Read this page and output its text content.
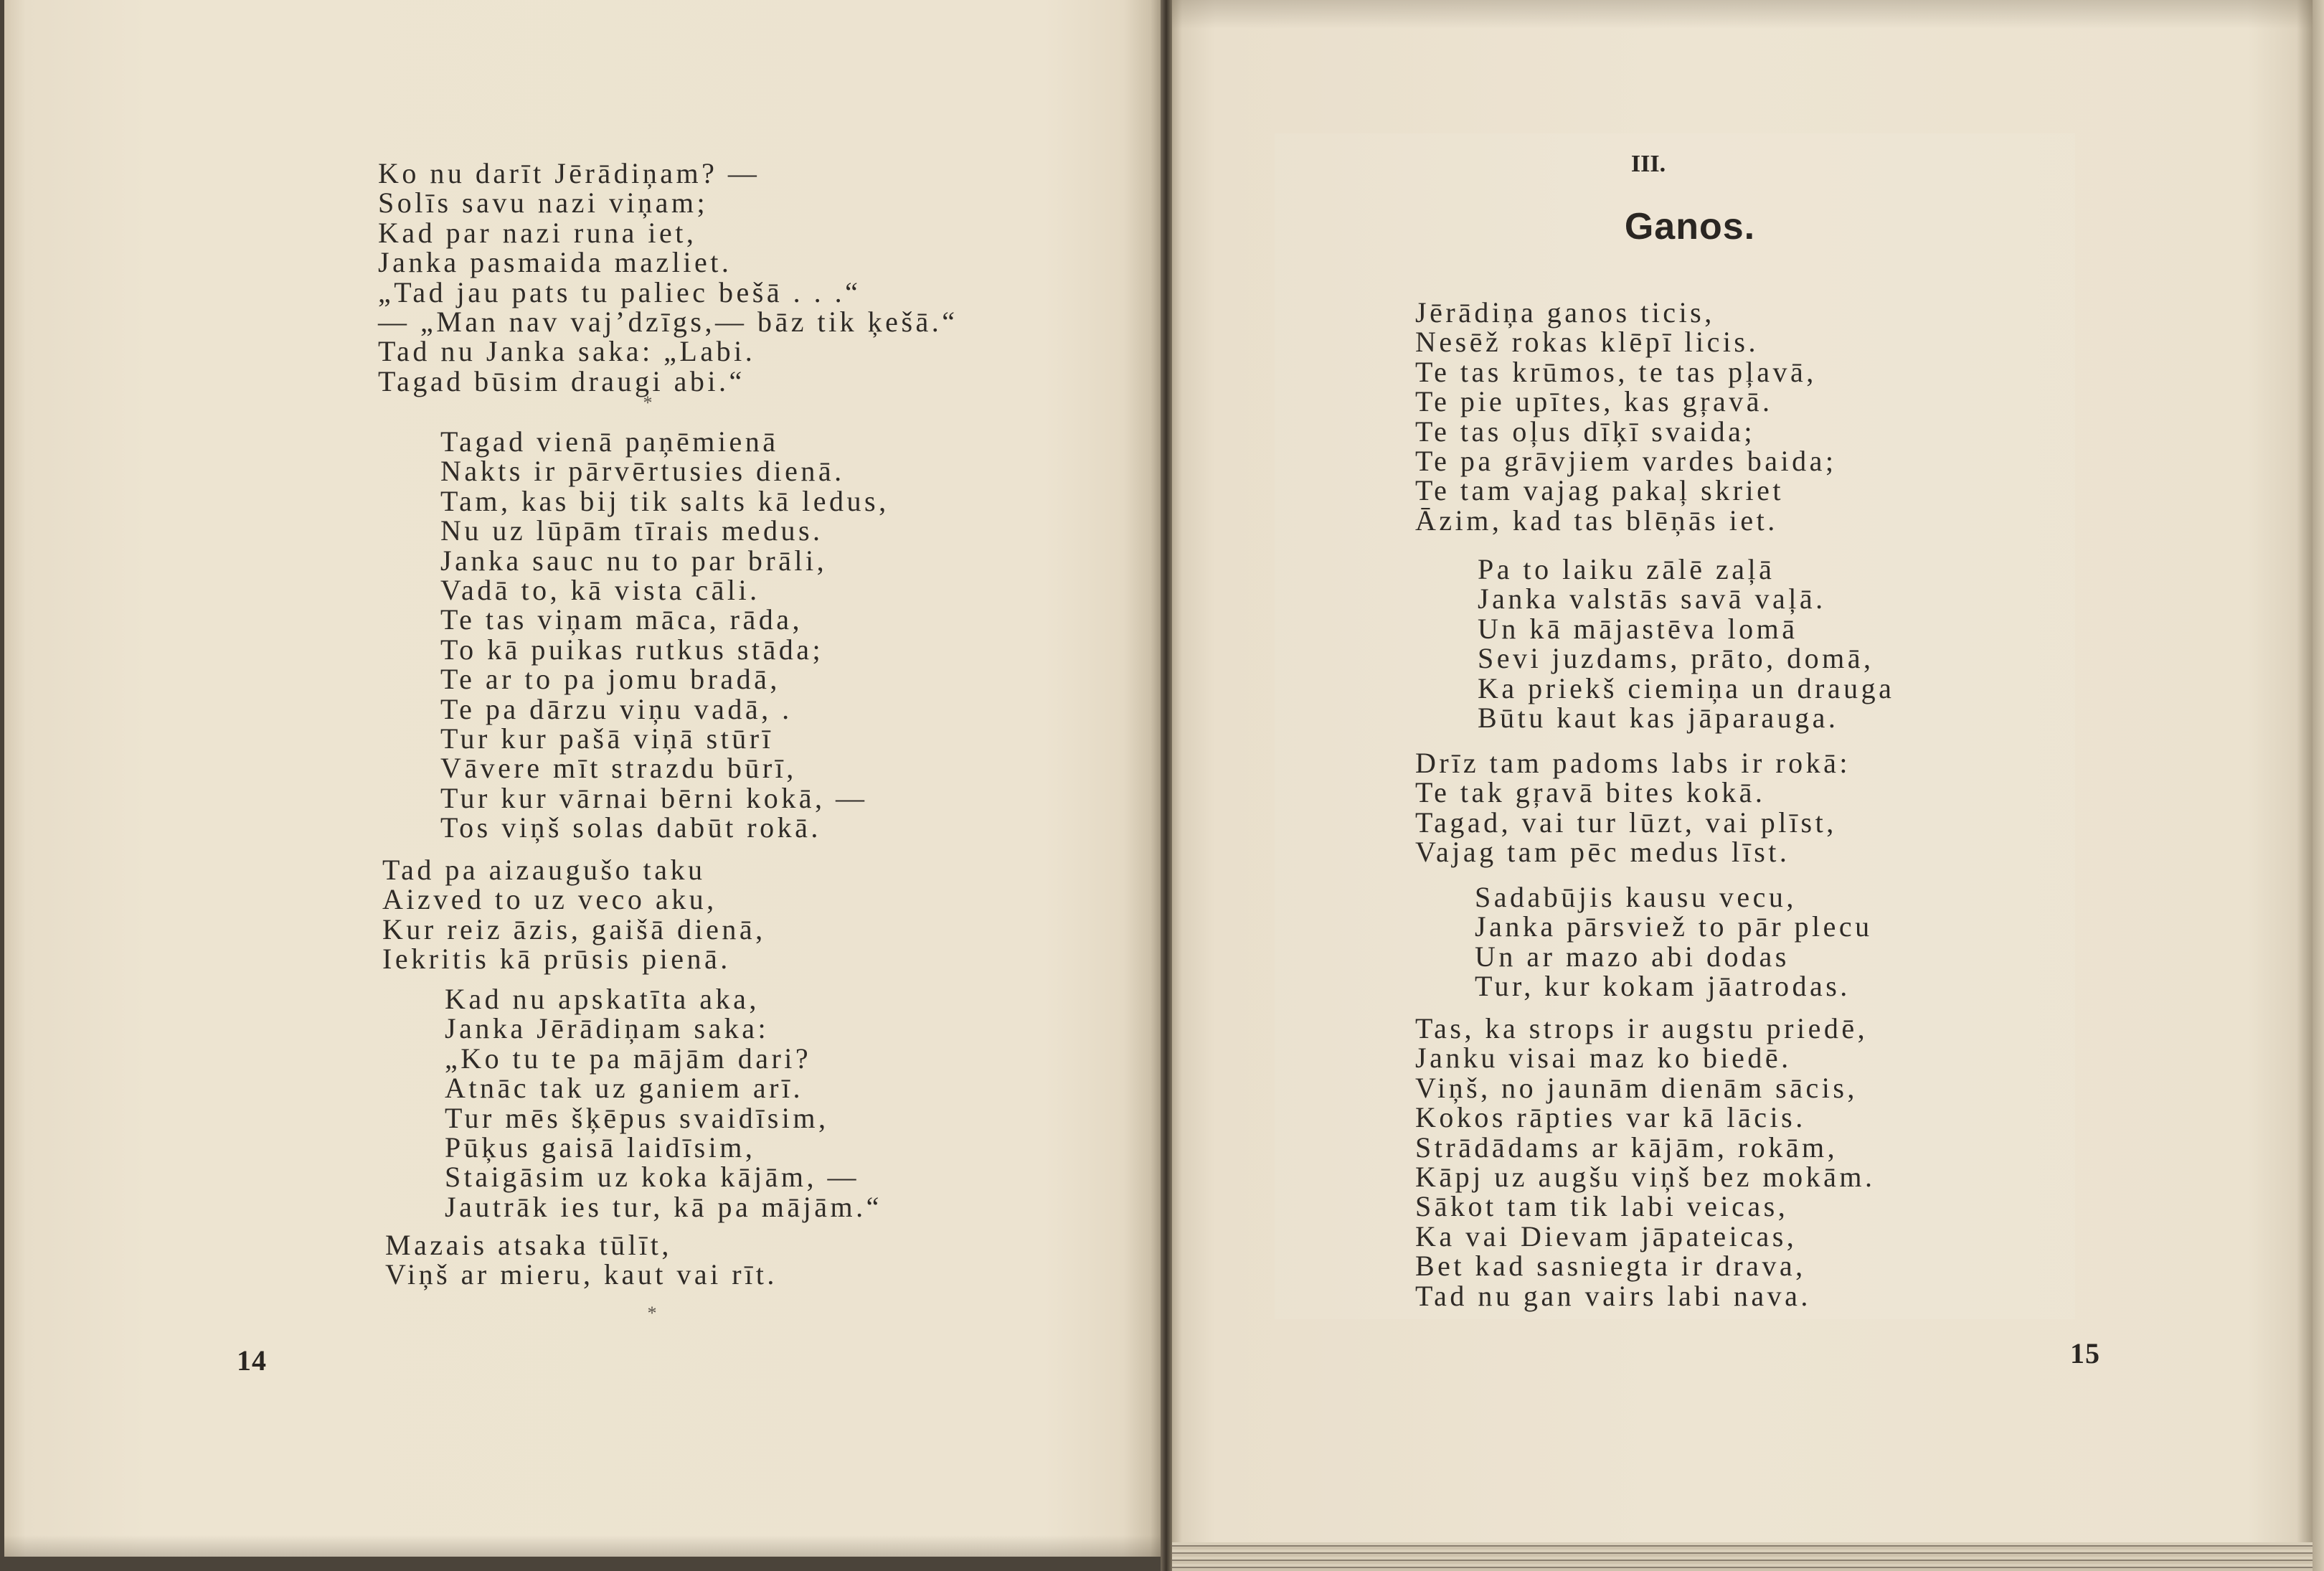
Ko nu darīt Jērādiņam? —
Solīs savu nazi viņam;
Kad par nazi runa iet,
Janka pasmaida mazliet.
„Tad jau pats tu paliec bešā . . .“
— „Man nav vaj’dzīgs,— bāz tik ķešā.“
Tad nu Janka saka: „Labi.
Tagad būsim draugi abi.“
*
Tagad vienā paņēmienā
Nakts ir pārvērtusies dienā.
Tam, kas bij tik salts kā ledus,
Nu uz lūpām tīrais medus.
Janka sauc nu to par brāli,
Vadā to, kā vista cāli.
Te tas viņam māca, rāda,
To kā puikas rutkus stāda;
Te ar to pa jomu bradā,
Te pa dārzu viņu vadā, .
Tur kur pašā viņā stūrī
Vāvere mīt strazdu būrī,
Tur kur vārnai bērni kokā, —
Tos viņš solas dabūt rokā.
Tad pa aizaugušo taku
Aizved to uz veco aku,
Kur reiz āzis, gaišā dienā,
Iekritis kā prūsis pienā.
Kad nu apskatīta aka,
Janka Jērādiņam saka:
„Ko tu te pa mājām dari?
Atnāc tak uz ganiem arī.
Tur mēs šķēpus svaidīsim,
Pūķus gaisā laidīsim,
Staigāsim uz koka kājām, —
Jautrāk ies tur, kā pa mājām.“
Mazais atsaka tūlīt,
Viņš ar mieru, kaut vai rīt.
*
14
III.
Ganos.
Jērādiņa ganos ticis,
Nesēž rokas klēpī licis.
Te tas krūmos, te tas pļavā,
Te pie upītes, kas gŗavā.
Te tas oļus dīķī svaida;
Te pa grāvjiem vardes baida;
Te tam vajag pakaļ skriet
Āzim, kad tas blēņās iet.
Pa to laiku zālē zaļā
Janka valstās savā vaļā.
Un kā mājastēva lomā
Sevi juzdams, prāto, domā,
Ka priekš ciemiņa un drauga
Būtu kaut kas jāparauga.
Drīz tam padoms labs ir rokā:
Te tak gŗavā bites kokā.
Tagad, vai tur lūzt, vai plīst,
Vajag tam pēc medus līst.
Sadabūjis kausu vecu,
Janka pārsviež to pār plecu
Un ar mazo abi dodas
Tur, kur kokam jāatrodas.
Tas, ka strops ir augstu priedē,
Janku visai maz ko biedē.
Viņš, no jaunām dienām sācis,
Kokos rāpties var kā lācis.
Strādādams ar kājām, rokām,
Kāpj uz augšu viņš bez mokām.
Sākot tam tik labi veicas,
Ka vai Dievam jāpateicas,
Bet kad sasniegta ir drava,
Tad nu gan vairs labi nava.
15
